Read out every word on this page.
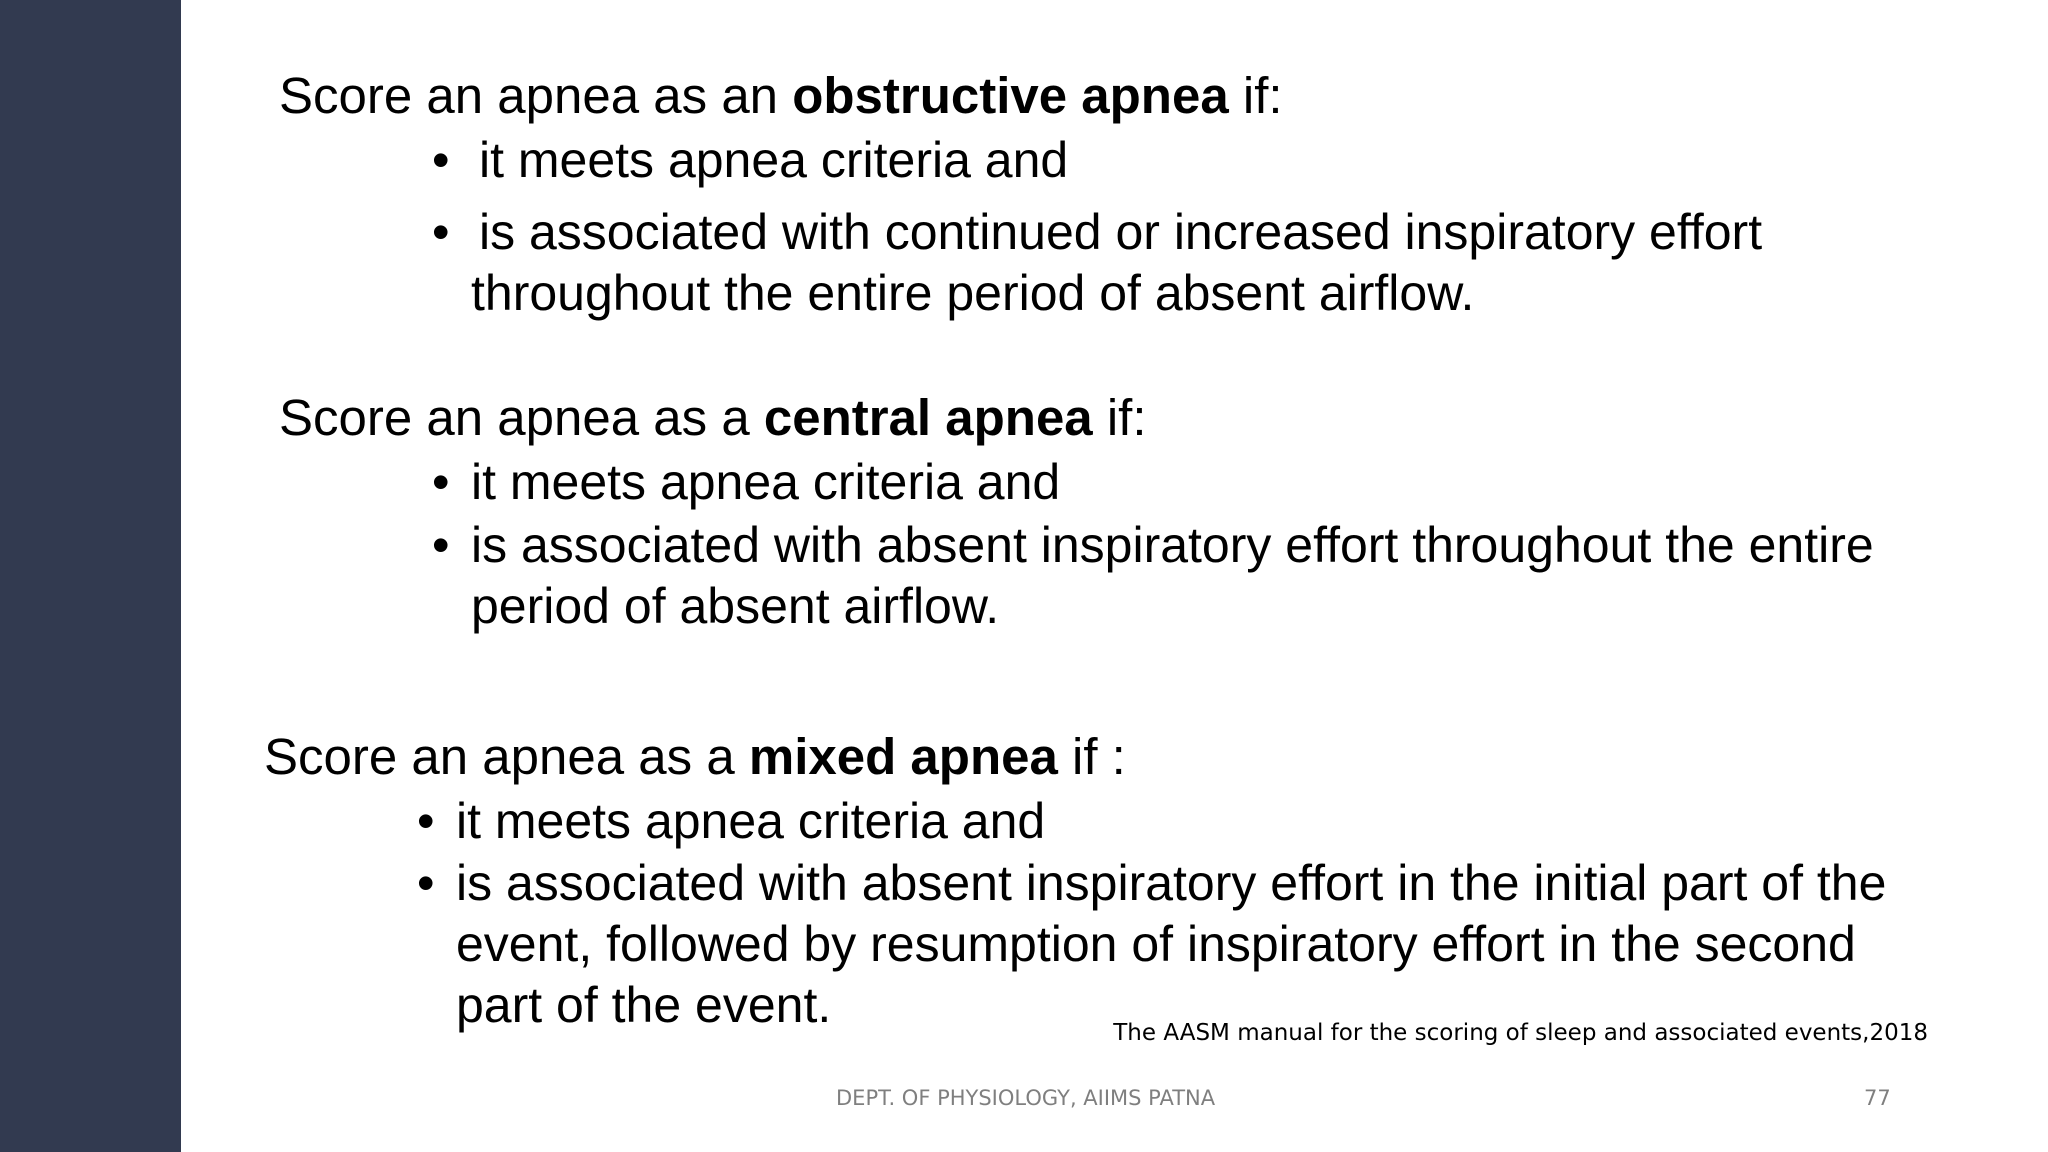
Score an apnea as an obstructive apnea if:
• it meets apnea criteria and
• is associated with continued or increased inspiratory effort
throughout the entire period of absent airflow.
Score an apnea as a central apnea if:
• it meets apnea criteria and
• is associated with absent inspiratory effort throughout the entire
period of absent airflow.
Score an apnea as a mixed apnea if :
• it meets apnea criteria and
• is associated with absent inspiratory effort in the initial part of the
event, followed by resumption of inspiratory effort in the second
part of the event.	The AASM manual for the scoring of sleep and associated events,2018
DEPT. OF PHYSIOLOGY, AIIMS PATNA	77
